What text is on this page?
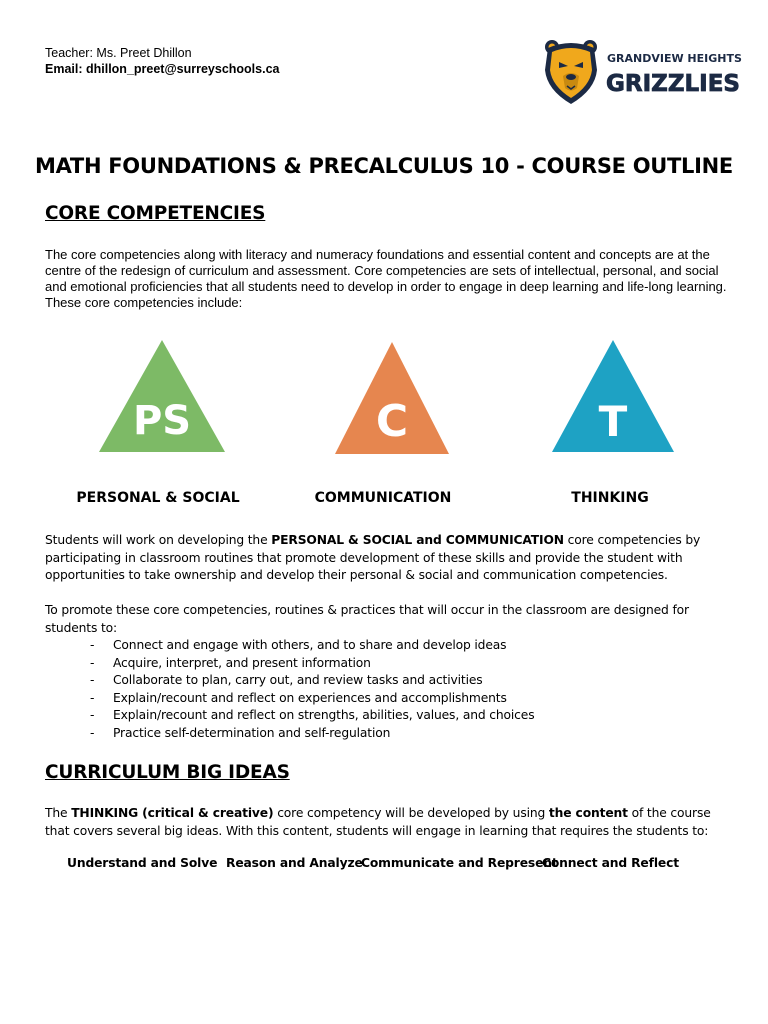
Teacher: Ms. Preet Dhillon
Email: dhillon_preet@surreyschools.ca
GRANDVIEW HEIGHTS
GRIZZLIES
MATH FOUNDATIONS & PRECALCULUS 10 - COURSE OUTLINE
CORE COMPETENCIES
The core competencies along with literacy and numeracy foundations and essential content and concepts are at the centre of the redesign of curriculum and assessment. Core competencies are sets of intellectual, personal, and social and emotional proficiencies that all students need to develop in order to engage in deep learning and life-long learning. These core competencies include:
PS	C	T
PERSONAL & SOCIAL	COMMUNICATION	THINKING
Students will work on developing the PERSONAL & SOCIAL and COMMUNICATION core competencies by participating in classroom routines that promote development of these skills and provide the student with opportunities to take ownership and develop their personal & social and communication competencies.
To promote these core competencies, routines & practices that will occur in the classroom are designed for students to:
- Connect and engage with others, and to share and develop ideas
- Acquire, interpret, and present information
- Collaborate to plan, carry out, and review tasks and activities
- Explain/recount and reflect on experiences and accomplishments
- Explain/recount and reflect on strengths, abilities, values, and choices
- Practice self-determination and self-regulation
CURRICULUM BIG IDEAS
The THINKING (critical & creative) core competency will be developed by using the content of the course that covers several big ideas. With this content, students will engage in learning that requires the students to:
Understand and Solve Reason and Analyze
Communicate and Represent
Connect and Reflect
